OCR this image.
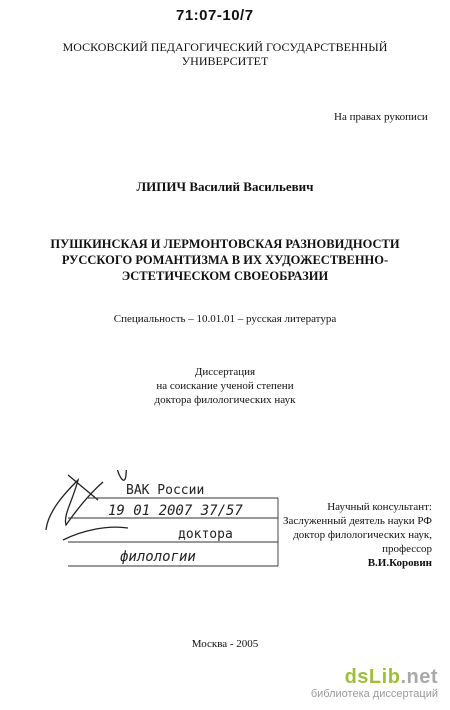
71:07-10/7
МОСКОВСКИЙ ПЕДАГОГИЧЕСКИЙ ГОСУДАРСТВЕННЫЙ
УНИВЕРСИТЕТ
На правах рукописи
ЛИПИЧ Василий Васильевич
ПУШКИНСКАЯ И ЛЕРМОНТОВСКАЯ РАЗНОВИДНОСТИ
РУССКОГО РОМАНТИЗМА В ИХ ХУДОЖЕСТВЕННО-
ЭСТЕТИЧЕСКОМ СВОЕОБРАЗИИ
Специальность – 10.01.01 – русская литература
Диссертация
на соискание ученой степени
доктора филологических наук
Научный консультант:
Заслуженный деятель науки РФ
доктор филологических наук,
профессор
В.И.Коровин
ВАК России
19 01 2007 37/57
доктора
филологии
Москва - 2005
dsLib.net
библиотека диссертаций
